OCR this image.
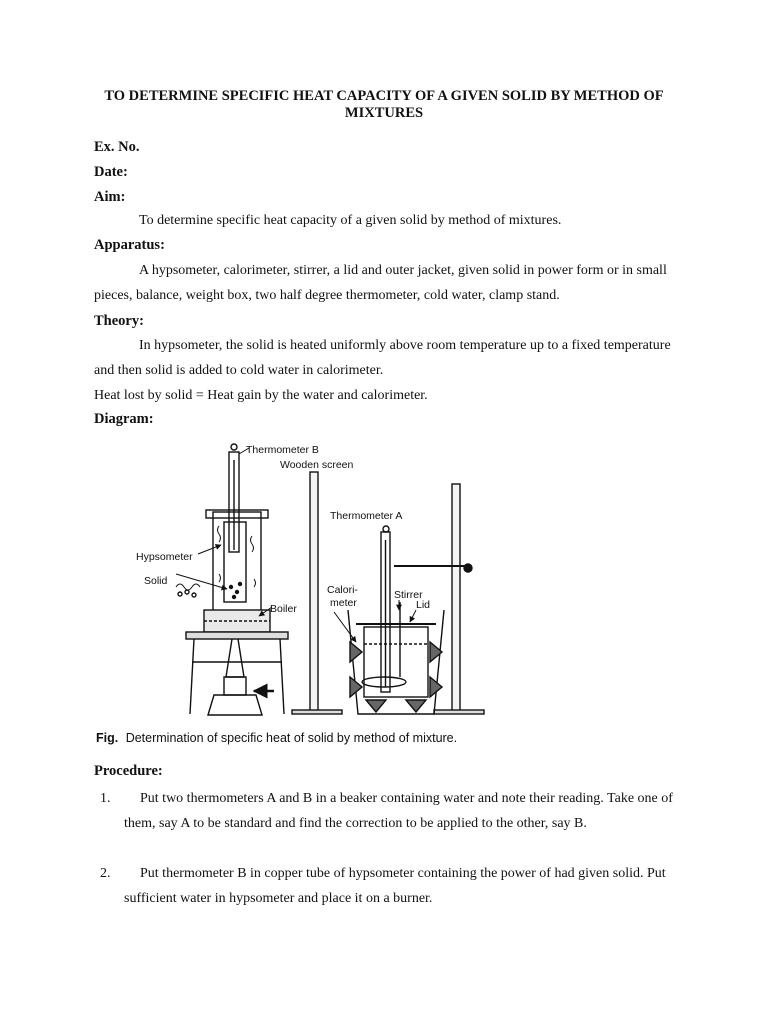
TO DETERMINE SPECIFIC HEAT CAPACITY OF A GIVEN SOLID BY METHOD OF MIXTURES
Ex. No.
Date:
Aim:
To determine specific heat capacity of a given solid by method of mixtures.
Apparatus:
A hypsometer, calorimeter, stirrer, a lid and outer jacket, given solid in power form or in small pieces, balance, weight box, two half degree thermometer, cold water, clamp stand.
Theory:
In hypsometer, the solid is heated uniformly above room temperature up to a fixed temperature and then solid is added to cold water in calorimeter.
Heat lost by solid = Heat gain by the water and calorimeter.
Diagram:
Thermometer B
Hypsometer
Solid
Boiler
Wooden screen
Thermometer A
Calori-
meter
Stirrer
Lid
Fig. Determination of specific heat of solid by method of mixture.
Procedure:
1.	Put two thermometers A and B in a beaker containing water and note their reading. Take one of them, say A to be standard and find the correction to be applied to the other, say B.
2.	Put thermometer B in copper tube of hypsometer containing the power of had given solid. Put sufficient water in hypsometer and place it on a burner.
